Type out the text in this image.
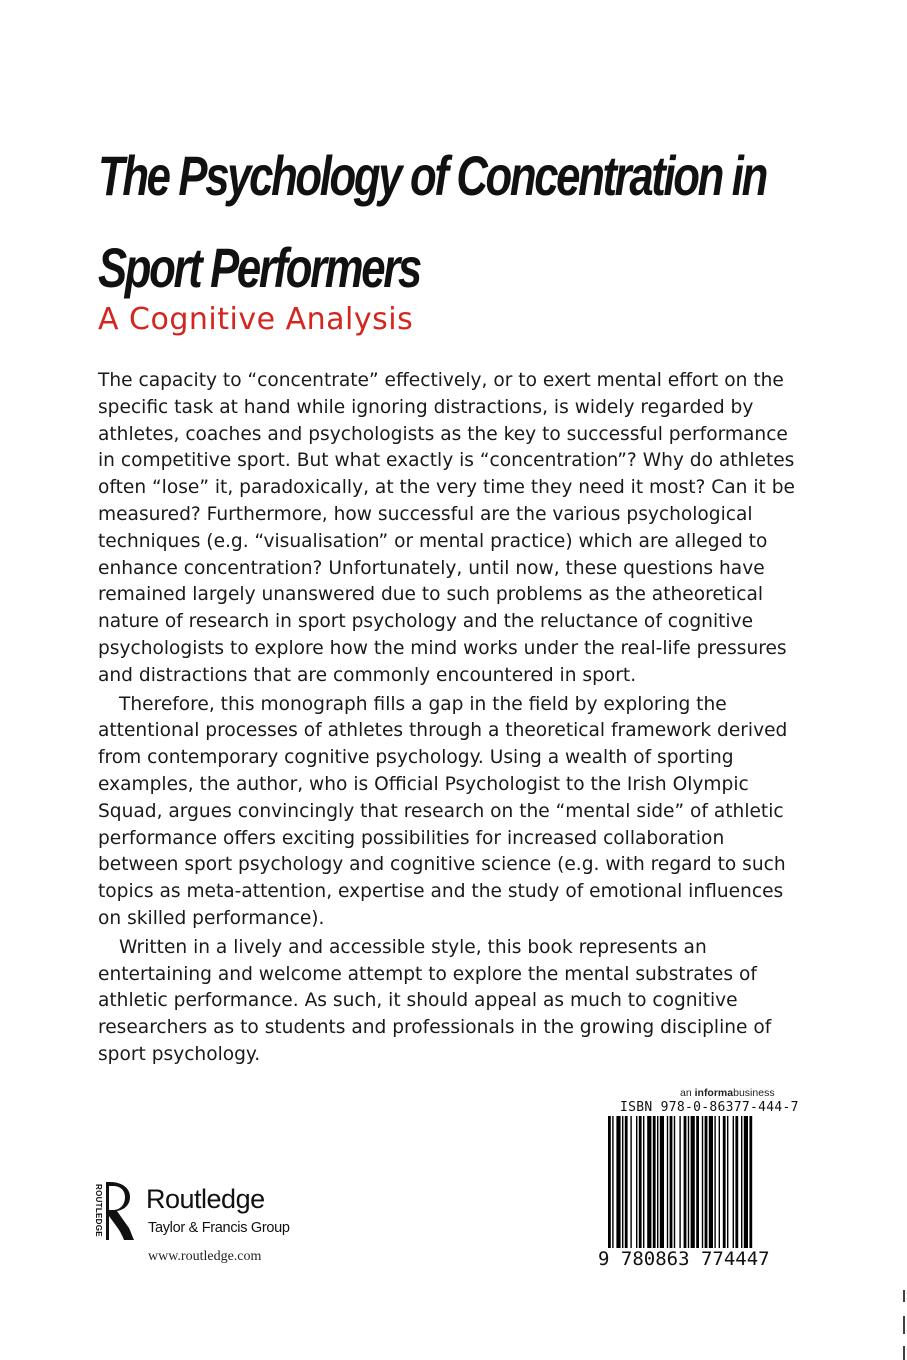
The Psychology of Concentration in
Sport Performers
A Cognitive Analysis

The capacity to “concentrate” effectively, or to exert mental effort on the specific task at hand while ignoring distractions, is widely regarded by athletes, coaches and psychologists as the key to successful performance in competitive sport. But what exactly is “concentration”? Why do athletes often “lose” it, paradoxically, at the very time they need it most? Can it be measured? Furthermore, how successful are the various psychological techniques (e.g. “visualisation” or mental practice) which are alleged to enhance concentration? Unfortunately, until now, these questions have remained largely unanswered due to such problems as the atheoretical nature of research in sport psychology and the reluctance of cognitive psychologists to explore how the mind works under the real-life pressures and distractions that are commonly encountered in sport.

Therefore, this monograph fills a gap in the field by exploring the attentional processes of athletes through a theoretical framework derived from contemporary cognitive psychology. Using a wealth of sporting examples, the author, who is Official Psychologist to the Irish Olympic Squad, argues convincingly that research on the “mental side” of athletic performance offers exciting possibilities for increased collaboration between sport psychology and cognitive science (e.g. with regard to such topics as meta-attention, expertise and the study of emotional influences on skilled performance).

Written in a lively and accessible style, this book represents an entertaining and welcome attempt to explore the mental substrates of athletic performance. As such, it should appeal as much to cognitive researchers as to students and professionals in the growing discipline of sport psychology.

an informabusiness
ISBN 978-0-86377-444-7
9 780863 774447
ROUTLEDGE Routledge
Taylor & Francis Group
www.routledge.com
